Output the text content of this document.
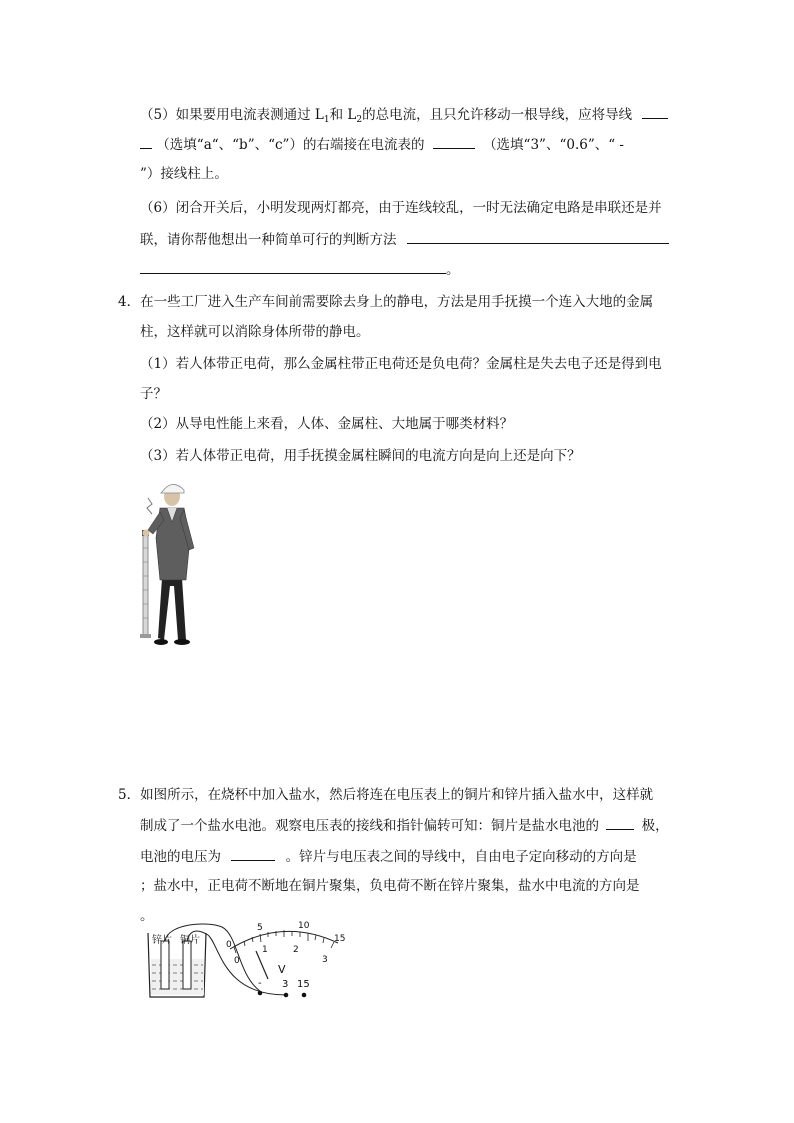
（5）如果要用电流表测通过 $L_1$和 $L_2$的总电流，且只允许移动一根导线，应将导线
（选填“a“、“b”、“c”）的右端接在电流表的	（选填“3”、“0.6”、“ -
”）接线柱上。
（6）闭合开关后，小明发现两灯都亮，由于连线较乱，一时无法确定电路是串联还是并
联，请你帮他想出一种简单可行的判断方法
。
4．在一些工厂进入生产车间前需要除去身上的静电，方法是用手抚摸一个连入大地的金属
柱，这样就可以消除身体所带的静电。
（1）若人体带正电荷，那么金属柱带正电荷还是负电荷？金属柱是失去电子还是得到电
子？
（2）从导电性能上来看，人体、金属柱、大地属于哪类材料？
（3）若人体带正电荷，用手抚摸金属柱瞬间的电流方向是向上还是向下？
5．如图所示，在烧杯中加入盐水，然后将连在电压表上的铜片和锌片插入盐水中，这样就
制成了一个盐水电池。观察电压表的接线和指针偏转可知：铜片是盐水电池的	极，
电池的电压为	。锌片与电压表之间的导线中，自由电子定向移动的方向是
；盐水中，正电荷不断地在铜片聚集，负电荷不断在锌片聚集，盐水中电流的方向是
。
锌片 铜片	0
5	10
15
0
1	2
3
V
- 3 15
